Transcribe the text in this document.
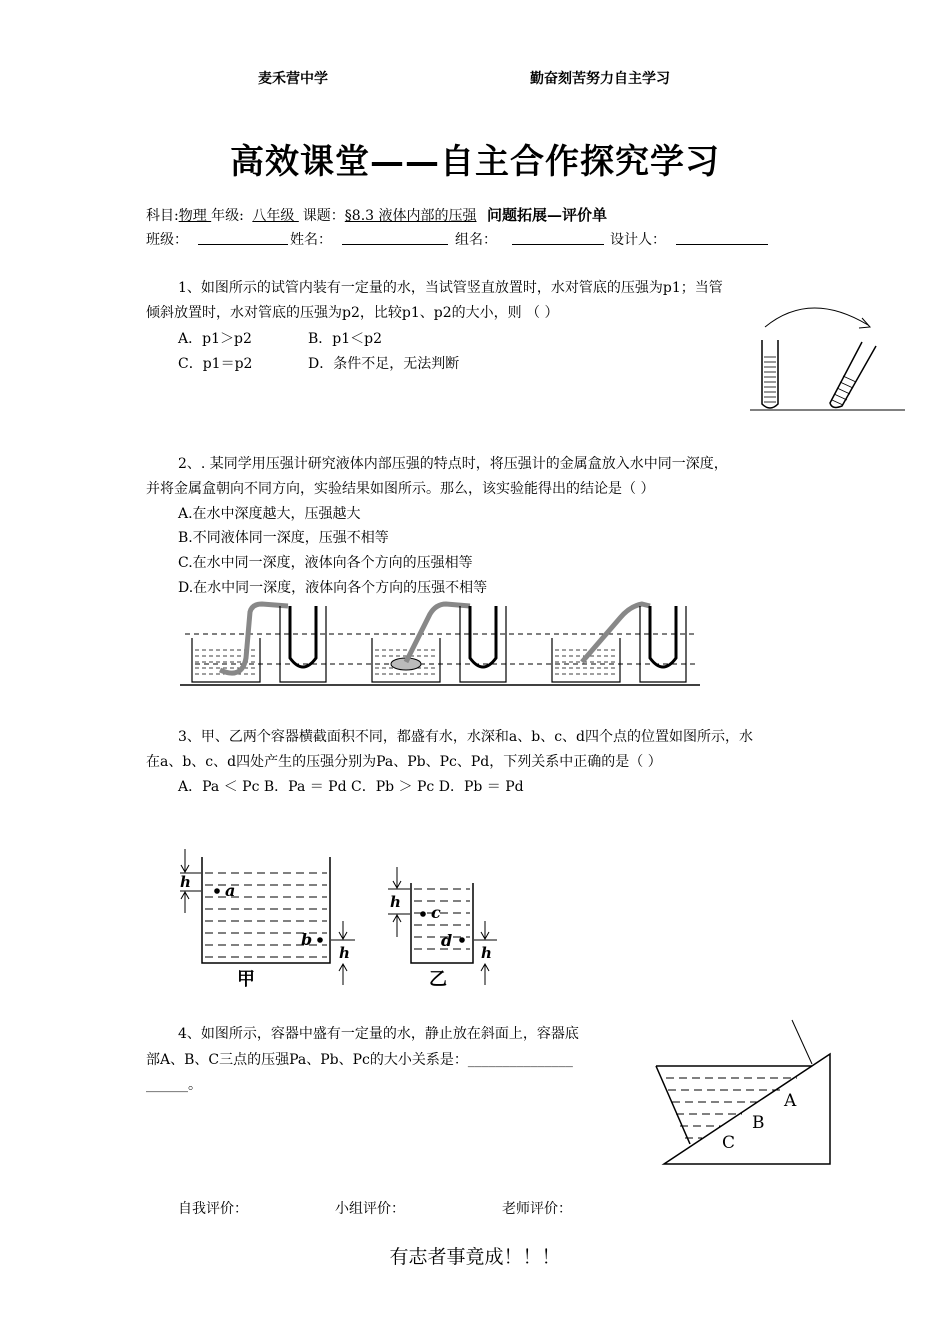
麦禾营中学	勤奋刻苦努力自主学习
高效课堂——自主合作探究学习
科目:物理 年级: 八年级 课题：§8.3 液体内部的压强 问题拓展—评价单
班级：	姓名：	组名：	设计人：
1、如图所示的试管内装有一定量的水，当试管竖直放置时，水对管底的压强为p1；当管
倾斜放置时，水对管底的压强为p2，比较p1、p2的大小，则 （ ）
A．p1＞p2	B．p1＜p2
C．p1＝p2	D．条件不足，无法判断
2、. 某同学用压强计研究液体内部压强的特点时，将压强计的金属盒放入水中同一深度，
并将金属盒朝向不同方向，实验结果如图所示。那么，该实验能得出的结论是（ ）
A.在水中深度越大，压强越大
B.不同液体同一深度，压强不相等
C.在水中同一深度，液体向各个方向的压强相等
D.在水中同一深度，液体向各个方向的压强不相等
3、甲、乙两个容器横截面积不同，都盛有水，水深和a、b、c、d四个点的位置如图所示，水
在a、b、c、d四处产生的压强分别为Pa、Pb、Pc、Pd，下列关系中正确的是（ ）
A．Pa ＜ Pc B．Pa ＝ Pd C．Pb ＞ Pc D．Pb ＝ Pd
h a
b
h
甲
h
c
d
h
乙
4、如图所示，容器中盛有一定量的水，静止放在斜面上，容器底
部A、B、C三点的压强Pa、Pb、Pc的大小关系是：_______________
______。
A
B
C
自我评价：	小组评价：	老师评价：
有志者事竟成！！！
